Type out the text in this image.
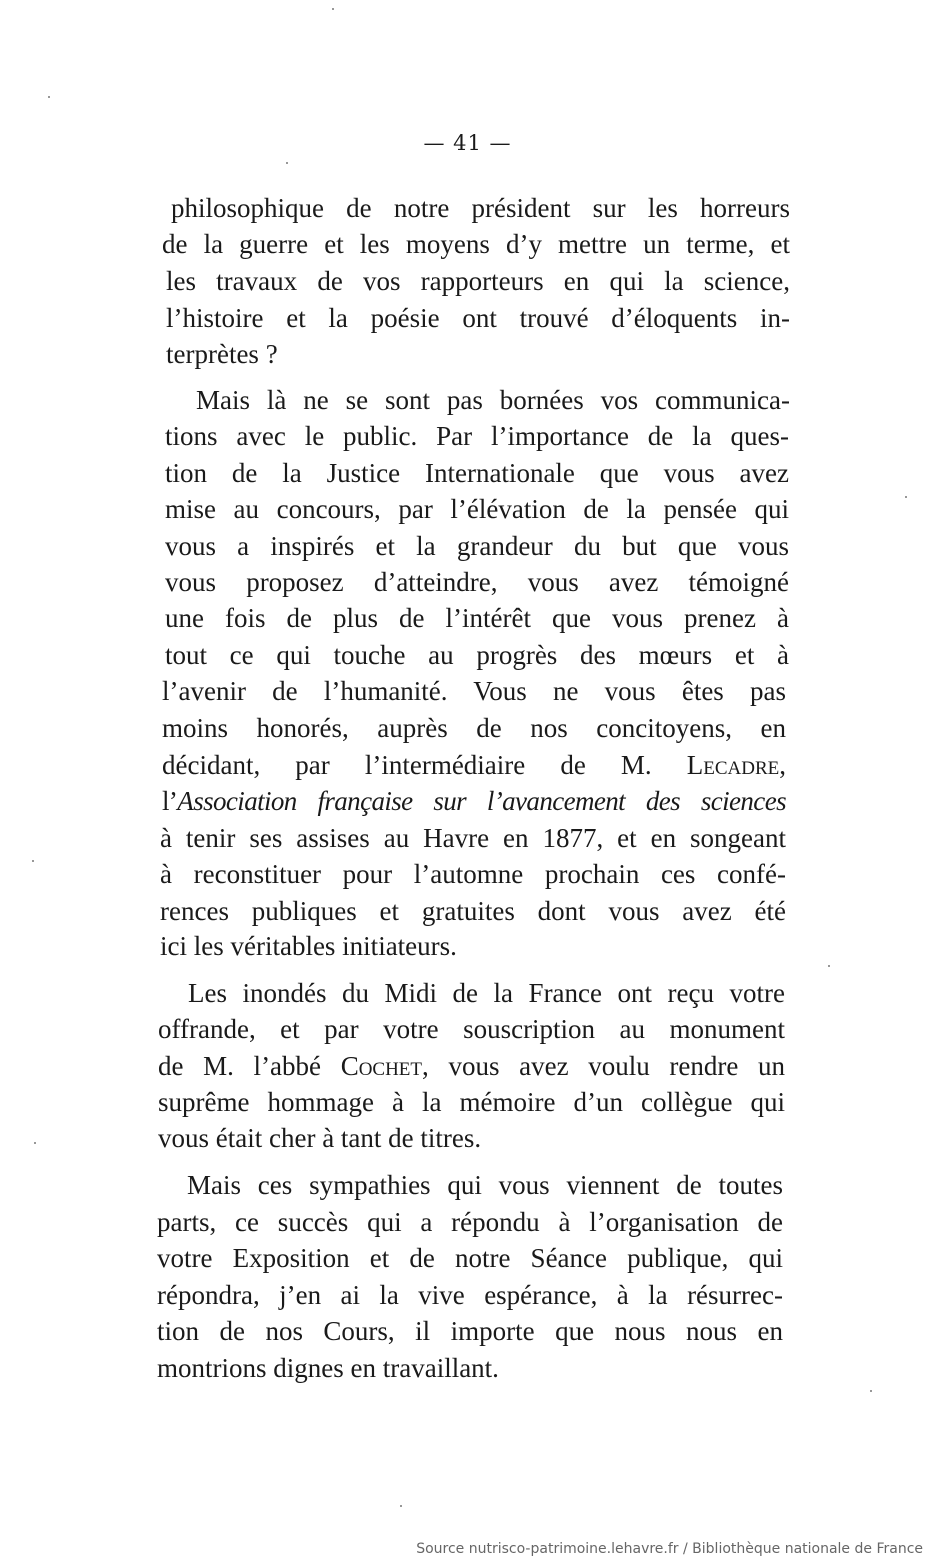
— 41 —
philosophique de notre président sur les horreurs
de la guerre et les moyens d’y mettre un terme, et
les travaux de vos rapporteurs en qui la science,
l’histoire et la poésie ont trouvé d’éloquents in-
terprètes ?
Mais là ne se sont pas bornées vos communica-
tions avec le public. Par l’importance de la ques-
tion de la Justice Internationale que vous avez
mise au concours, par l’élévation de la pensée qui
vous a inspirés et la grandeur du but que vous
vous proposez d’atteindre, vous avez témoigné
une fois de plus de l’intérêt que vous prenez à
tout ce qui touche au progrès des mœurs et à
l’avenir de l’humanité. Vous ne vous êtes pas
moins honorés, auprès de nos concitoyens, en
décidant, par l’intermédiaire de M. Lecadre,
l’Association française sur l’avancement des sciences
à tenir ses assises au Havre en 1877, et en songeant
à reconstituer pour l’automne prochain ces confé-
rences publiques et gratuites dont vous avez été
ici les véritables initiateurs.
Les inondés du Midi de la France ont reçu votre
offrande, et par votre souscription au monument
de M. l’abbé Cochet, vous avez voulu rendre un
suprême hommage à la mémoire d’un collègue qui
vous était cher à tant de titres.
Mais ces sympathies qui vous viennent de toutes
parts, ce succès qui a répondu à l’organisation de
votre Exposition et de notre Séance publique, qui
répondra, j’en ai la vive espérance, à la résurrec-
tion de nos Cours, il importe que nous nous en
montrions dignes en travaillant.
Source nutrisco-patrimoine.lehavre.fr / Bibliothèque nationale de France
